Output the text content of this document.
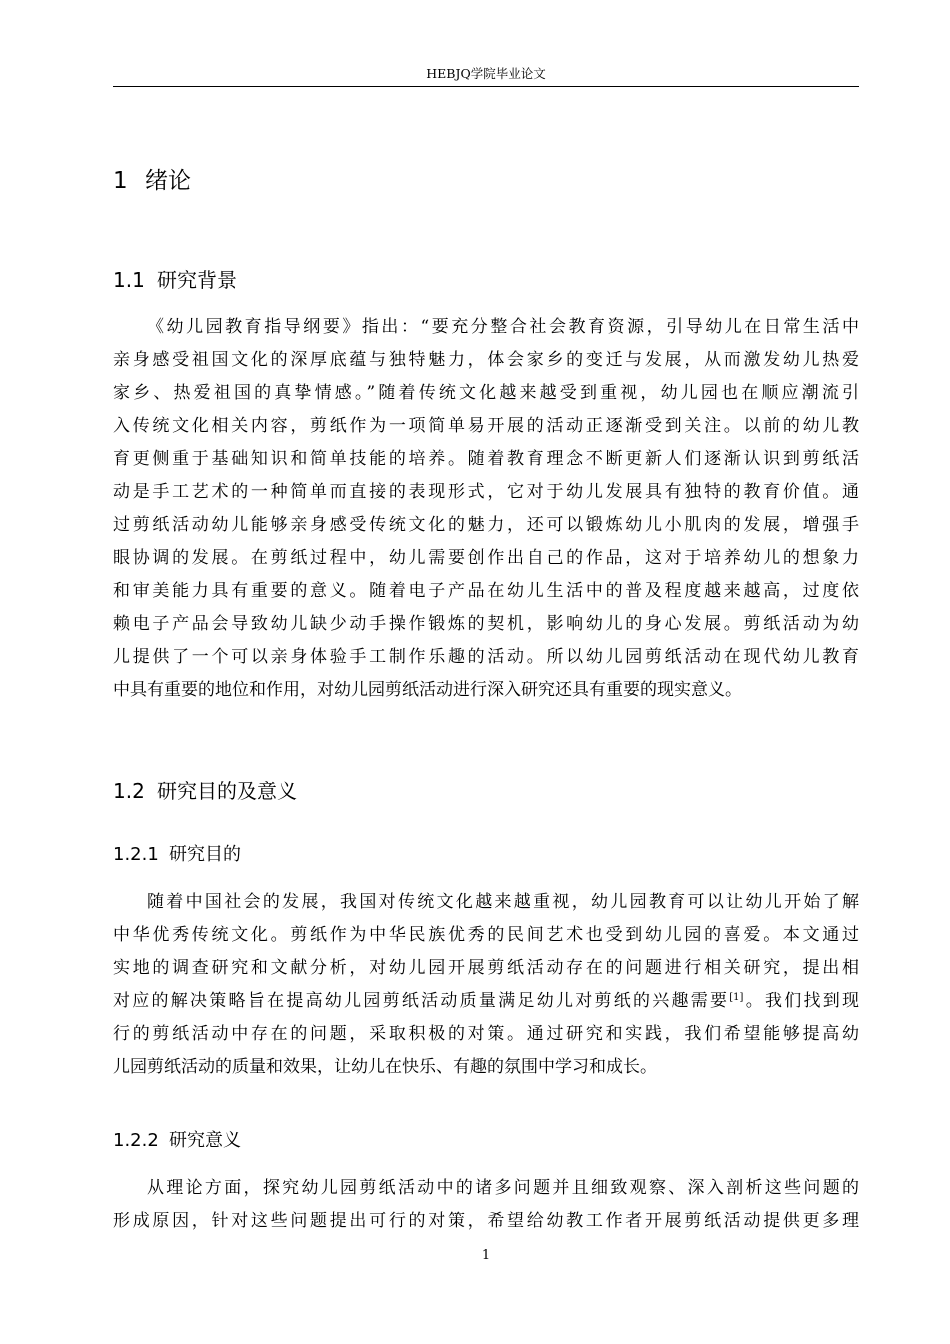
HEBJQ学院毕业论文
1 绪论
1.1 研究背景
《幼儿园教育指导纲要》指出：“要充分整合社会教育资源，引导幼儿在日常生活中
亲身感受祖国文化的深厚底蕴与独特魅力，体会家乡的变迁与发展，从而激发幼儿热爱
家乡、热爱祖国的真挚情感。”随着传统文化越来越受到重视，幼儿园也在顺应潮流引
入传统文化相关内容，剪纸作为一项简单易开展的活动正逐渐受到关注。以前的幼儿教
育更侧重于基础知识和简单技能的培养。随着教育理念不断更新人们逐渐认识到剪纸活
动是手工艺术的一种简单而直接的表现形式，它对于幼儿发展具有独特的教育价值。通
过剪纸活动幼儿能够亲身感受传统文化的魅力，还可以锻炼幼儿小肌肉的发展，增强手
眼协调的发展。在剪纸过程中，幼儿需要创作出自己的作品，这对于培养幼儿的想象力
和审美能力具有重要的意义。随着电子产品在幼儿生活中的普及程度越来越高，过度依
赖电子产品会导致幼儿缺少动手操作锻炼的契机，影响幼儿的身心发展。剪纸活动为幼
儿提供了一个可以亲身体验手工制作乐趣的活动。所以幼儿园剪纸活动在现代幼儿教育
中具有重要的地位和作用，对幼儿园剪纸活动进行深入研究还具有重要的现实意义。
1.2 研究目的及意义
1.2.1 研究目的
随着中国社会的发展，我国对传统文化越来越重视，幼儿园教育可以让幼儿开始了解
中华优秀传统文化。剪纸作为中华民族优秀的民间艺术也受到幼儿园的喜爱。本文通过
实地的调查研究和文献分析，对幼儿园开展剪纸活动存在的问题进行相关研究，提出相
对应的解决策略旨在提高幼儿园剪纸活动质量满足幼儿对剪纸的兴趣需要[1]。我们找到现
行的剪纸活动中存在的问题，采取积极的对策。通过研究和实践，我们希望能够提高幼
儿园剪纸活动的质量和效果，让幼儿在快乐、有趣的氛围中学习和成长。
1.2.2 研究意义
从理论方面，探究幼儿园剪纸活动中的诸多问题并且细致观察、深入剖析这些问题的
形成原因，针对这些问题提出可行的对策，希望给幼教工作者开展剪纸活动提供更多理
1
